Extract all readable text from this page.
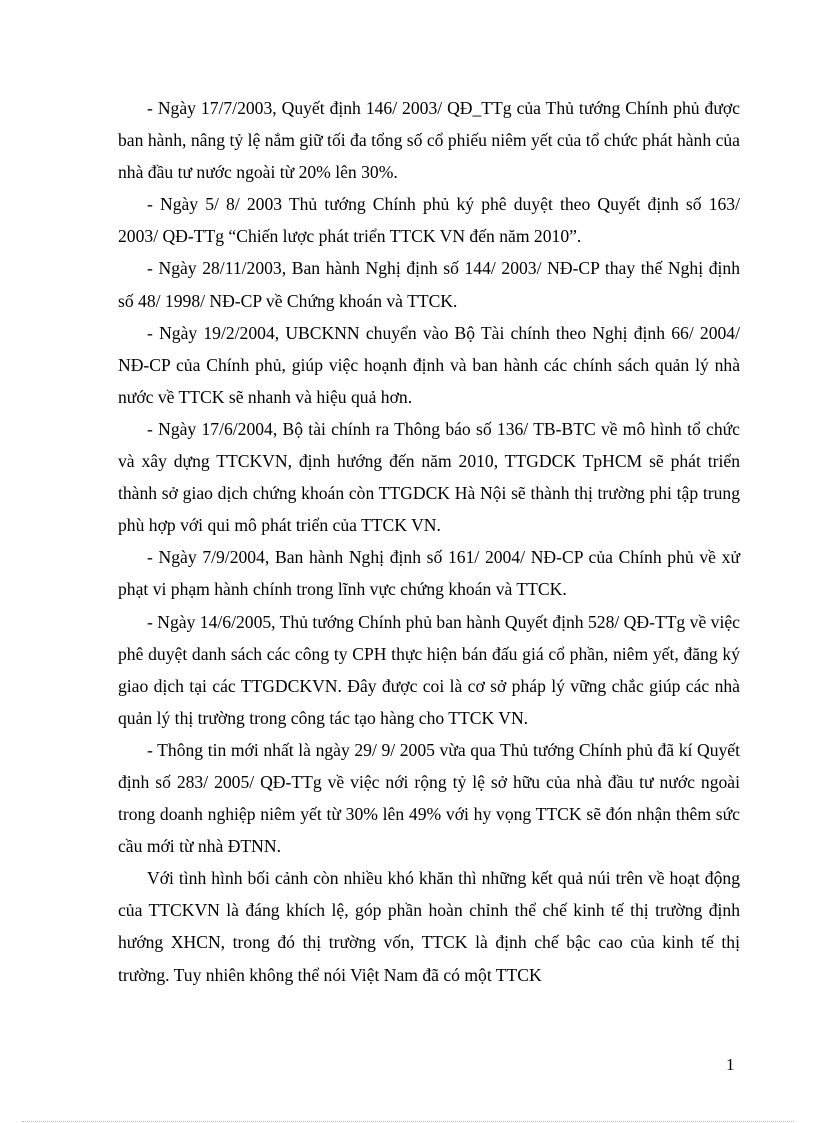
- Ngày 17/7/2003, Quyết định 146/ 2003/ QĐ_TTg của Thủ tướng Chính phủ được ban hành, nâng tỷ lệ nắm giữ tối đa tổng số cổ phiếu niêm yết của tổ chức phát hành của nhà đầu tư nước ngoài từ 20% lên 30%.

- Ngày 5/ 8/ 2003 Thủ tướng Chính phủ ký phê duyệt theo Quyết định số 163/ 2003/ QĐ-TTg “Chiến lược phát triển TTCK VN đến năm 2010”.

- Ngày 28/11/2003, Ban hành Nghị định số 144/ 2003/ NĐ-CP thay thế Nghị định số 48/ 1998/ NĐ-CP về Chứng khoán và TTCK.

- Ngày 19/2/2004, UBCKNN chuyển vào Bộ Tài chính theo Nghị định 66/ 2004/ NĐ-CP của Chính phủ, giúp việc hoạnh định và ban hành các chính sách quản lý nhà nước về TTCK sẽ nhanh và hiệu quả hơn.

- Ngày 17/6/2004, Bộ tài chính ra Thông báo số 136/ TB-BTC về mô hình tổ chức và xây dựng TTCKVN, định hướng đến năm 2010, TTGDCK TpHCM sẽ phát triển thành sở giao dịch chứng khoán còn TTGDCK Hà Nội sẽ thành thị trường phi tập trung phù hợp với qui mô phát triển của TTCK VN.

- Ngày 7/9/2004, Ban hành Nghị định số 161/ 2004/ NĐ-CP của Chính phủ về xử phạt vi phạm hành chính trong lĩnh vực chứng khoán và TTCK.

- Ngày 14/6/2005, Thủ tướng Chính phủ ban hành Quyết định 528/ QĐ-TTg về việc phê duyệt danh sách các công ty CPH thực hiện bán đấu giá cổ phần, niêm yết, đăng ký giao dịch tại các TTGDCKVN. Đây được coi là cơ sở pháp lý vững chắc giúp các nhà quản lý thị trường trong công tác tạo hàng cho TTCK VN.

- Thông tin mới nhất là ngày 29/ 9/ 2005 vừa qua Thủ tướng Chính phủ đã kí Quyết định số 283/ 2005/ QĐ-TTg về việc nới rộng tỷ lệ sở hữu của nhà đầu tư nước ngoài trong doanh nghiệp niêm yết từ 30% lên 49% với hy vọng TTCK sẽ đón nhận thêm sức cầu mới từ nhà ĐTNN.

Với tình hình bối cảnh còn nhiều khó khăn thì những kết quả núi trên về hoạt động của TTCKVN là đáng khích lệ, góp phần hoàn chỉnh thể chế kinh tế thị trường định hướng XHCN, trong đó thị trường vốn, TTCK là định chế bậc cao của kinh tế thị trường. Tuy nhiên không thể nói Việt Nam đã có một TTCK

1
